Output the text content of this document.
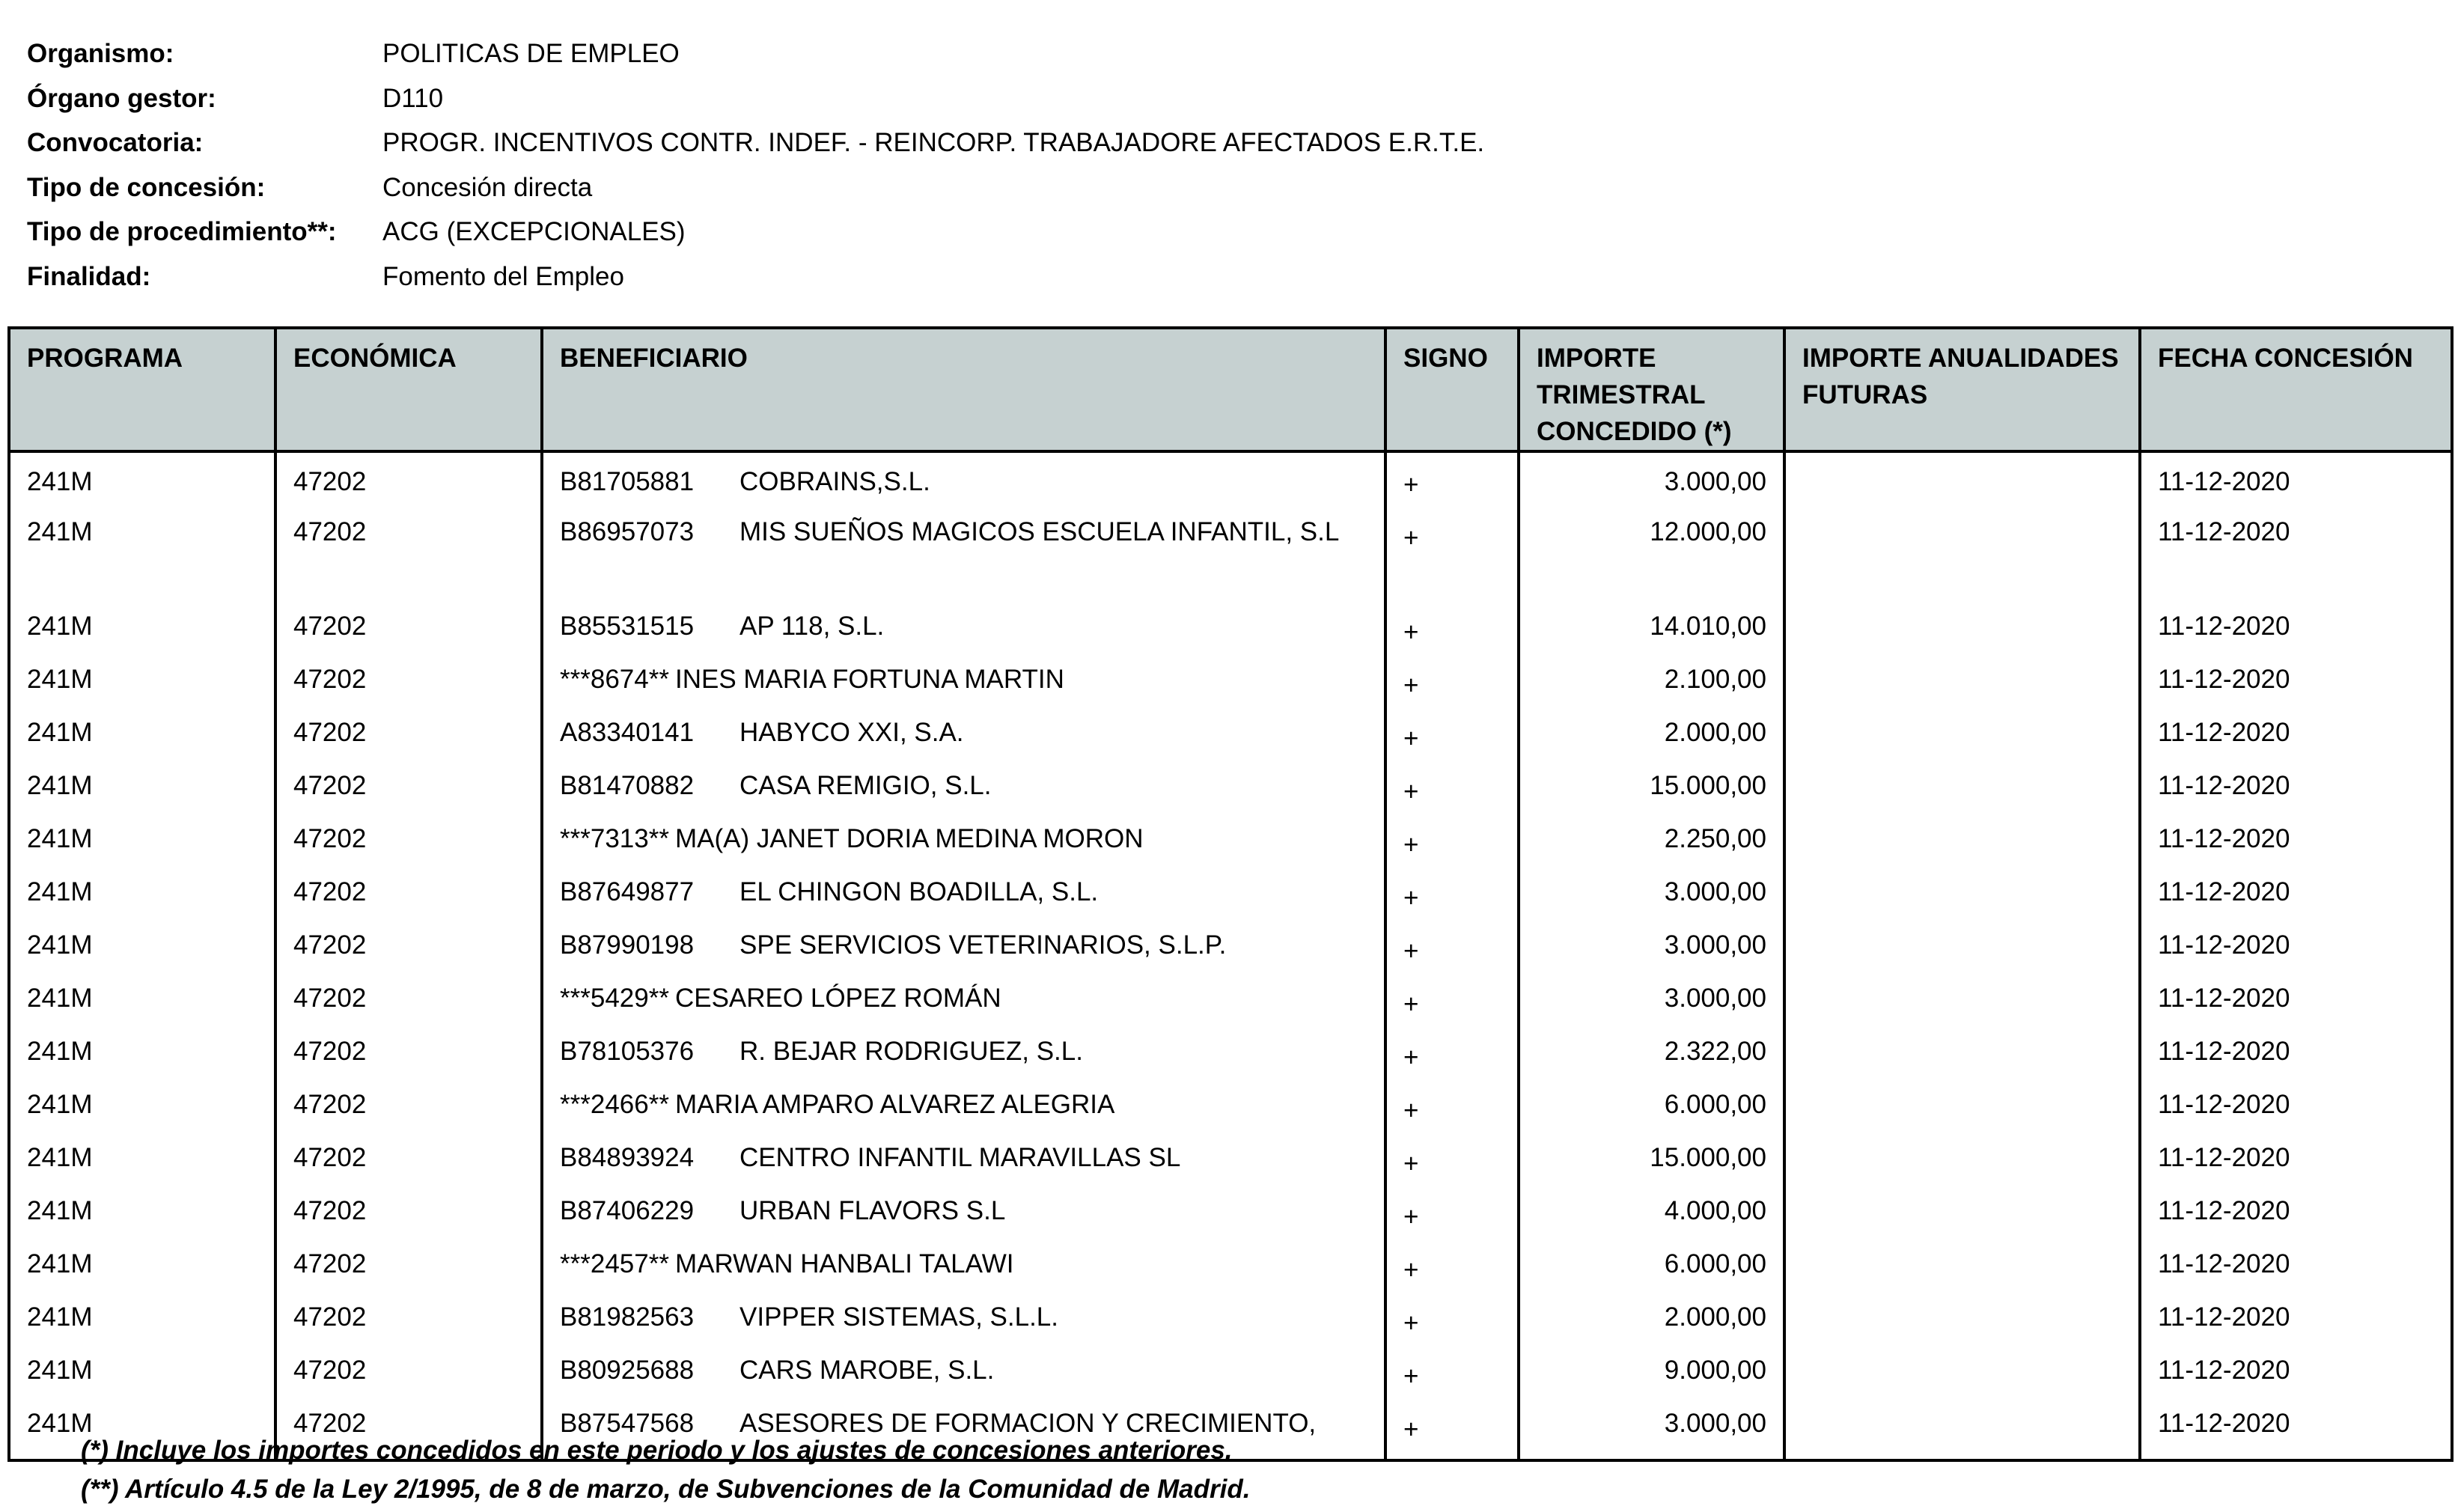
Organismo:	POLITICAS DE EMPLEO
Órgano gestor:	D110
Convocatoria:	PROGR. INCENTIVOS CONTR. INDEF. - REINCORP. TRABAJADORE AFECTADOS E.R.T.E.
Tipo de concesión:	Concesión directa
Tipo de procedimiento**:	ACG (EXCEPCIONALES)
Finalidad:	Fomento del Empleo
PROGRAMA	ECONÓMICA	BENEFICIARIO	SIGNO	IMPORTE TRIMESTRAL CONCEDIDO (*)	IMPORTE ANUALIDADES FUTURAS	FECHA CONCESIÓN
241M	47202	B81705881 COBRAINS,S.L.	+	3.000,00		11-12-2020
241M	47202	B86957073 MIS SUEÑOS MAGICOS ESCUELA INFANTIL, S.L	+	12.000,00		11-12-2020
241M	47202	B85531515 AP 118, S.L.	+	14.010,00		11-12-2020
241M	47202	***8674** INES MARIA FORTUNA MARTIN	+	2.100,00		11-12-2020
241M	47202	A83340141 HABYCO XXI, S.A.	+	2.000,00		11-12-2020
241M	47202	B81470882 CASA REMIGIO, S.L.	+	15.000,00		11-12-2020
241M	47202	***7313** MA(A) JANET DORIA MEDINA MORON	+	2.250,00		11-12-2020
241M	47202	B87649877 EL CHINGON BOADILLA, S.L.	+	3.000,00		11-12-2020
241M	47202	B87990198 SPE SERVICIOS VETERINARIOS, S.L.P.	+	3.000,00		11-12-2020
241M	47202	***5429** CESAREO LÓPEZ ROMÁN	+	3.000,00		11-12-2020
241M	47202	B78105376 R. BEJAR RODRIGUEZ, S.L.	+	2.322,00		11-12-2020
241M	47202	***2466** MARIA AMPARO ALVAREZ ALEGRIA	+	6.000,00		11-12-2020
241M	47202	B84893924 CENTRO INFANTIL MARAVILLAS SL	+	15.000,00		11-12-2020
241M	47202	B87406229 URBAN FLAVORS S.L	+	4.000,00		11-12-2020
241M	47202	***2457** MARWAN HANBALI TALAWI	+	6.000,00		11-12-2020
241M	47202	B81982563 VIPPER SISTEMAS, S.L.L.	+	2.000,00		11-12-2020
241M	47202	B80925688 CARS MAROBE, S.L.	+	9.000,00		11-12-2020
241M	47202	B87547568 ASESORES DE FORMACION Y CRECIMIENTO,	+	3.000,00		11-12-2020
(*) Incluye los importes concedidos en este periodo y los ajustes de concesiones anteriores.
(**) Artículo 4.5 de la Ley 2/1995, de 8 de marzo, de Subvenciones de la Comunidad de Madrid.
